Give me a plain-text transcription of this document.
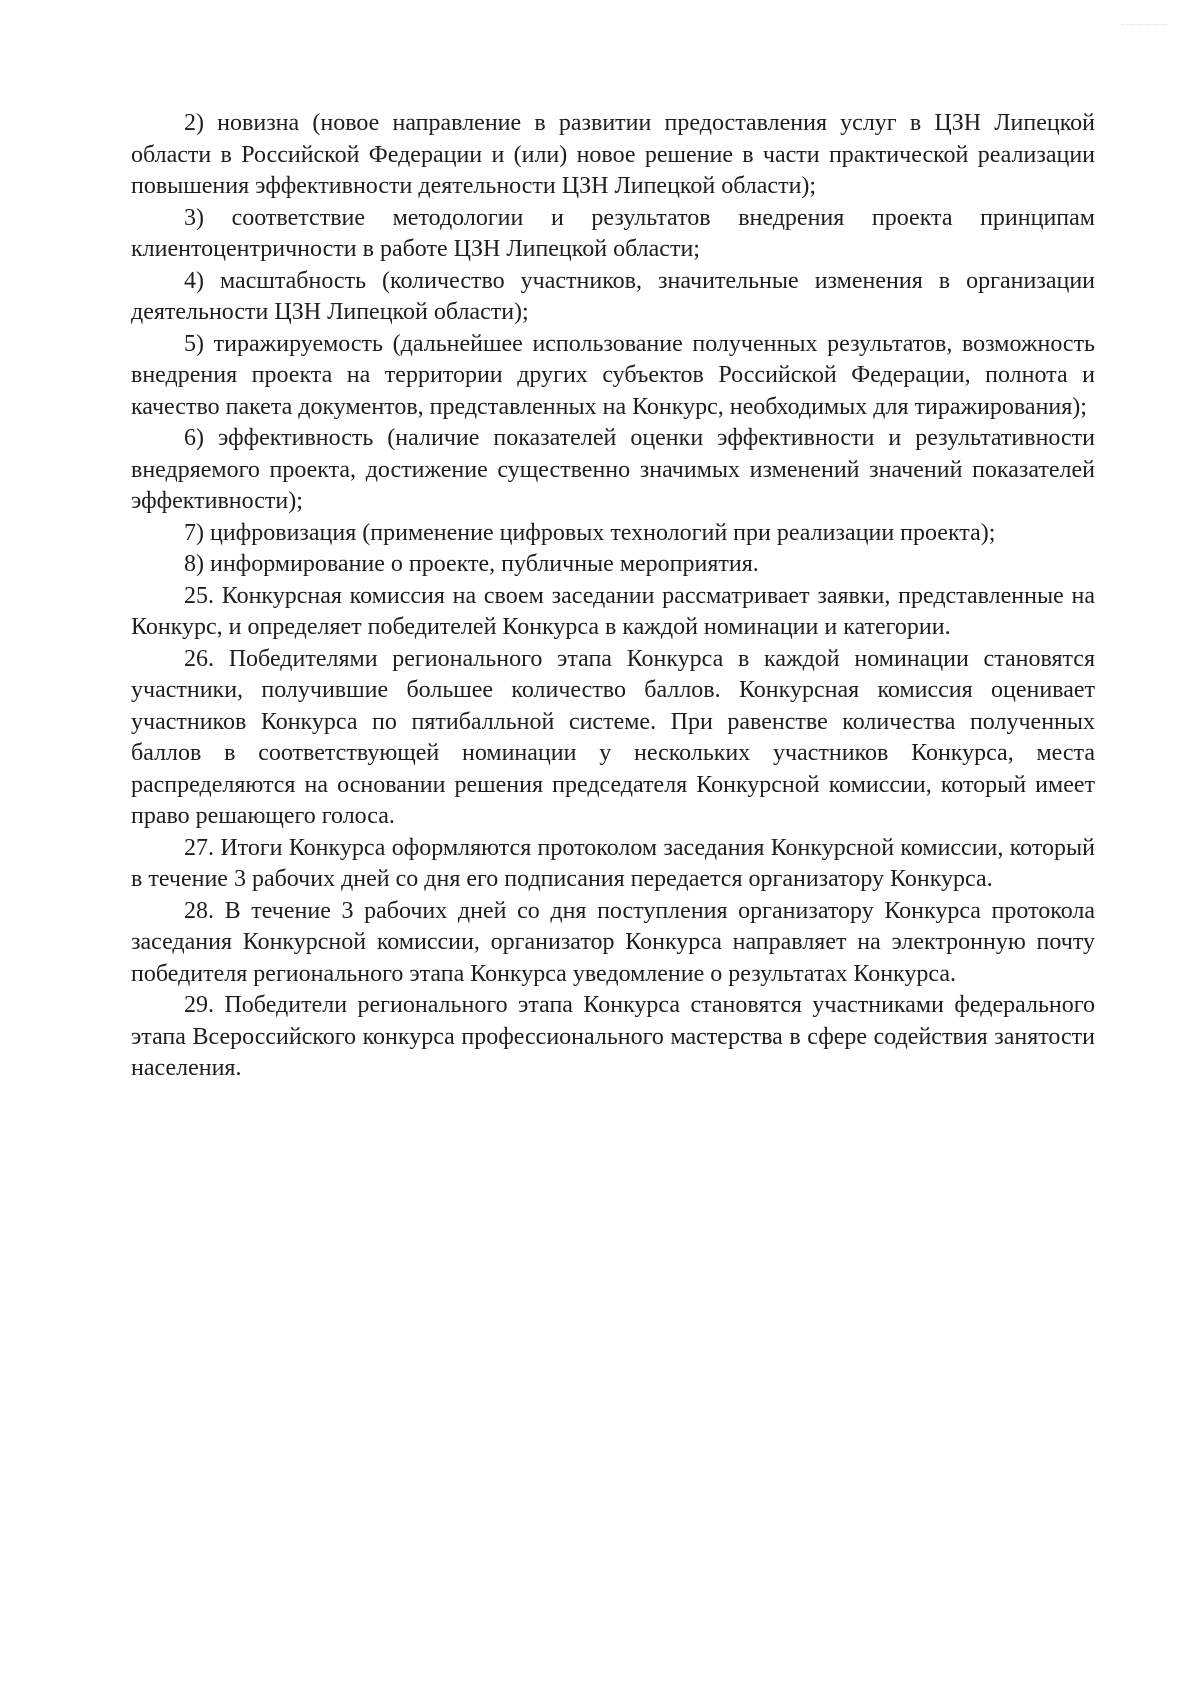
2) новизна (новое направление в развитии предоставления услуг в ЦЗН Липецкой области в Российской Федерации и (или) новое решение в части практической реализации повышения эффективности деятельности ЦЗН Липецкой области);

3) соответствие методологии и результатов внедрения проекта принципам клиентоцентричности в работе ЦЗН Липецкой области;

4) масштабность (количество участников, значительные изменения в организации деятельности ЦЗН Липецкой области);

5) тиражируемость (дальнейшее использование полученных результатов, возможность внедрения проекта на территории других субъектов Российской Федерации, полнота и качество пакета документов, представленных на Конкурс, необходимых для тиражирования);

6) эффективность (наличие показателей оценки эффективности и результативности внедряемого проекта, достижение существенно значимых изменений значений показателей эффективности);

7) цифровизация (применение цифровых технологий при реализации проекта);

8) информирование о проекте, публичные мероприятия.

25. Конкурсная комиссия на своем заседании рассматривает заявки, представленные на Конкурс, и определяет победителей Конкурса в каждой номинации и категории.

26. Победителями регионального этапа Конкурса в каждой номинации становятся участники, получившие большее количество баллов. Конкурсная комиссия оценивает участников Конкурса по пятибалльной системе. При равенстве количества полученных баллов в соответствующей номинации у нескольких участников Конкурса, места распределяются на основании решения председателя Конкурсной комиссии, который имеет право решающего голоса.

27. Итоги Конкурса оформляются протоколом заседания Конкурсной комиссии, который в течение 3 рабочих дней со дня его подписания передается организатору Конкурса.

28. В течение 3 рабочих дней со дня поступления организатору Конкурса протокола заседания Конкурсной комиссии, организатор Конкурса направляет на электронную почту победителя регионального этапа Конкурса уведомление о результатах Конкурса.

29. Победители регионального этапа Конкурса становятся участниками федерального этапа Всероссийского конкурса профессионального мастерства в сфере содействия занятости населения.
